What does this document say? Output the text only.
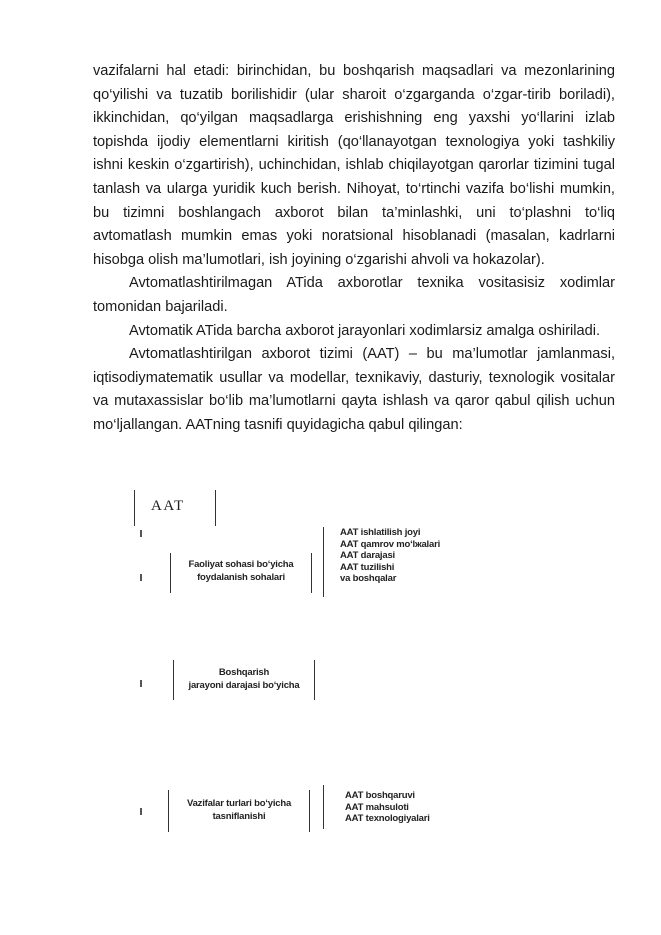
vazifalarni hal etadi: birinchidan, bu boshqarish maqsadlari va mezonlarining qo‘yilishi va tuzatib borilishidir (ular sharoit o‘zgarganda o‘zgar-tirib boriladi), ikkinchidan, qo‘yilgan maqsadlarga erishishning eng yaxshi yo‘llarini izlab topishda ijodiy elementlarni kiritish (qo‘llanayotgan texnologiya yoki tashkiliy ishni keskin o‘zgartirish), uchinchidan, ishlab chiqilayotgan qarorlar tizimini tugal tanlash va ularga yuridik kuch berish. Nihoyat, to‘rtinchi vazifa bo‘lishi mumkin, bu tizimni boshlangach axborot bilan ta’minlashki, uni to‘plashni to‘liq avtomatlash mumkin emas yoki noratsional hisoblanadi (masalan, kadrlarni hisobga olish ma’lumotlari, ish joyining o‘zgarishi ahvoli va hokazolar).

Avtomatlashtirilmagan ATida axborotlar texnika vositasisiz xodimlar tomonidan bajariladi.

Avtomatik ATida barcha axborot jarayonlari xodimlarsiz amalga oshiriladi.

Avtomatlashtirilgan axborot tizimi (AAT) – bu ma’lumotlar jamlanmasi, iqtisodiymatematik usullar va modellar, texnikaviy, dasturiy, texnologik vositalar va mutaxassislar bo‘lib ma’lumotlarni qayta ishlash va qaror qabul qilish uchun mo‘ljallangan. AATning tasnifi quyidagicha qabul qilingan:

AAT
Faoliyat sohasi bo‘yicha
foydalanish sohalari
AAT ishlatilish joyi
AAT qamrov mo‘lжalari
AAT darajasi
AAT tuzilishi
va boshqalar
Boshqarish
jarayoni darajasi bo‘yicha
Vazifalar turlari bo‘yicha
tasniflanishi
AAT boshqaruvi
AAT mahsuloti
AAT texnologiyalari
